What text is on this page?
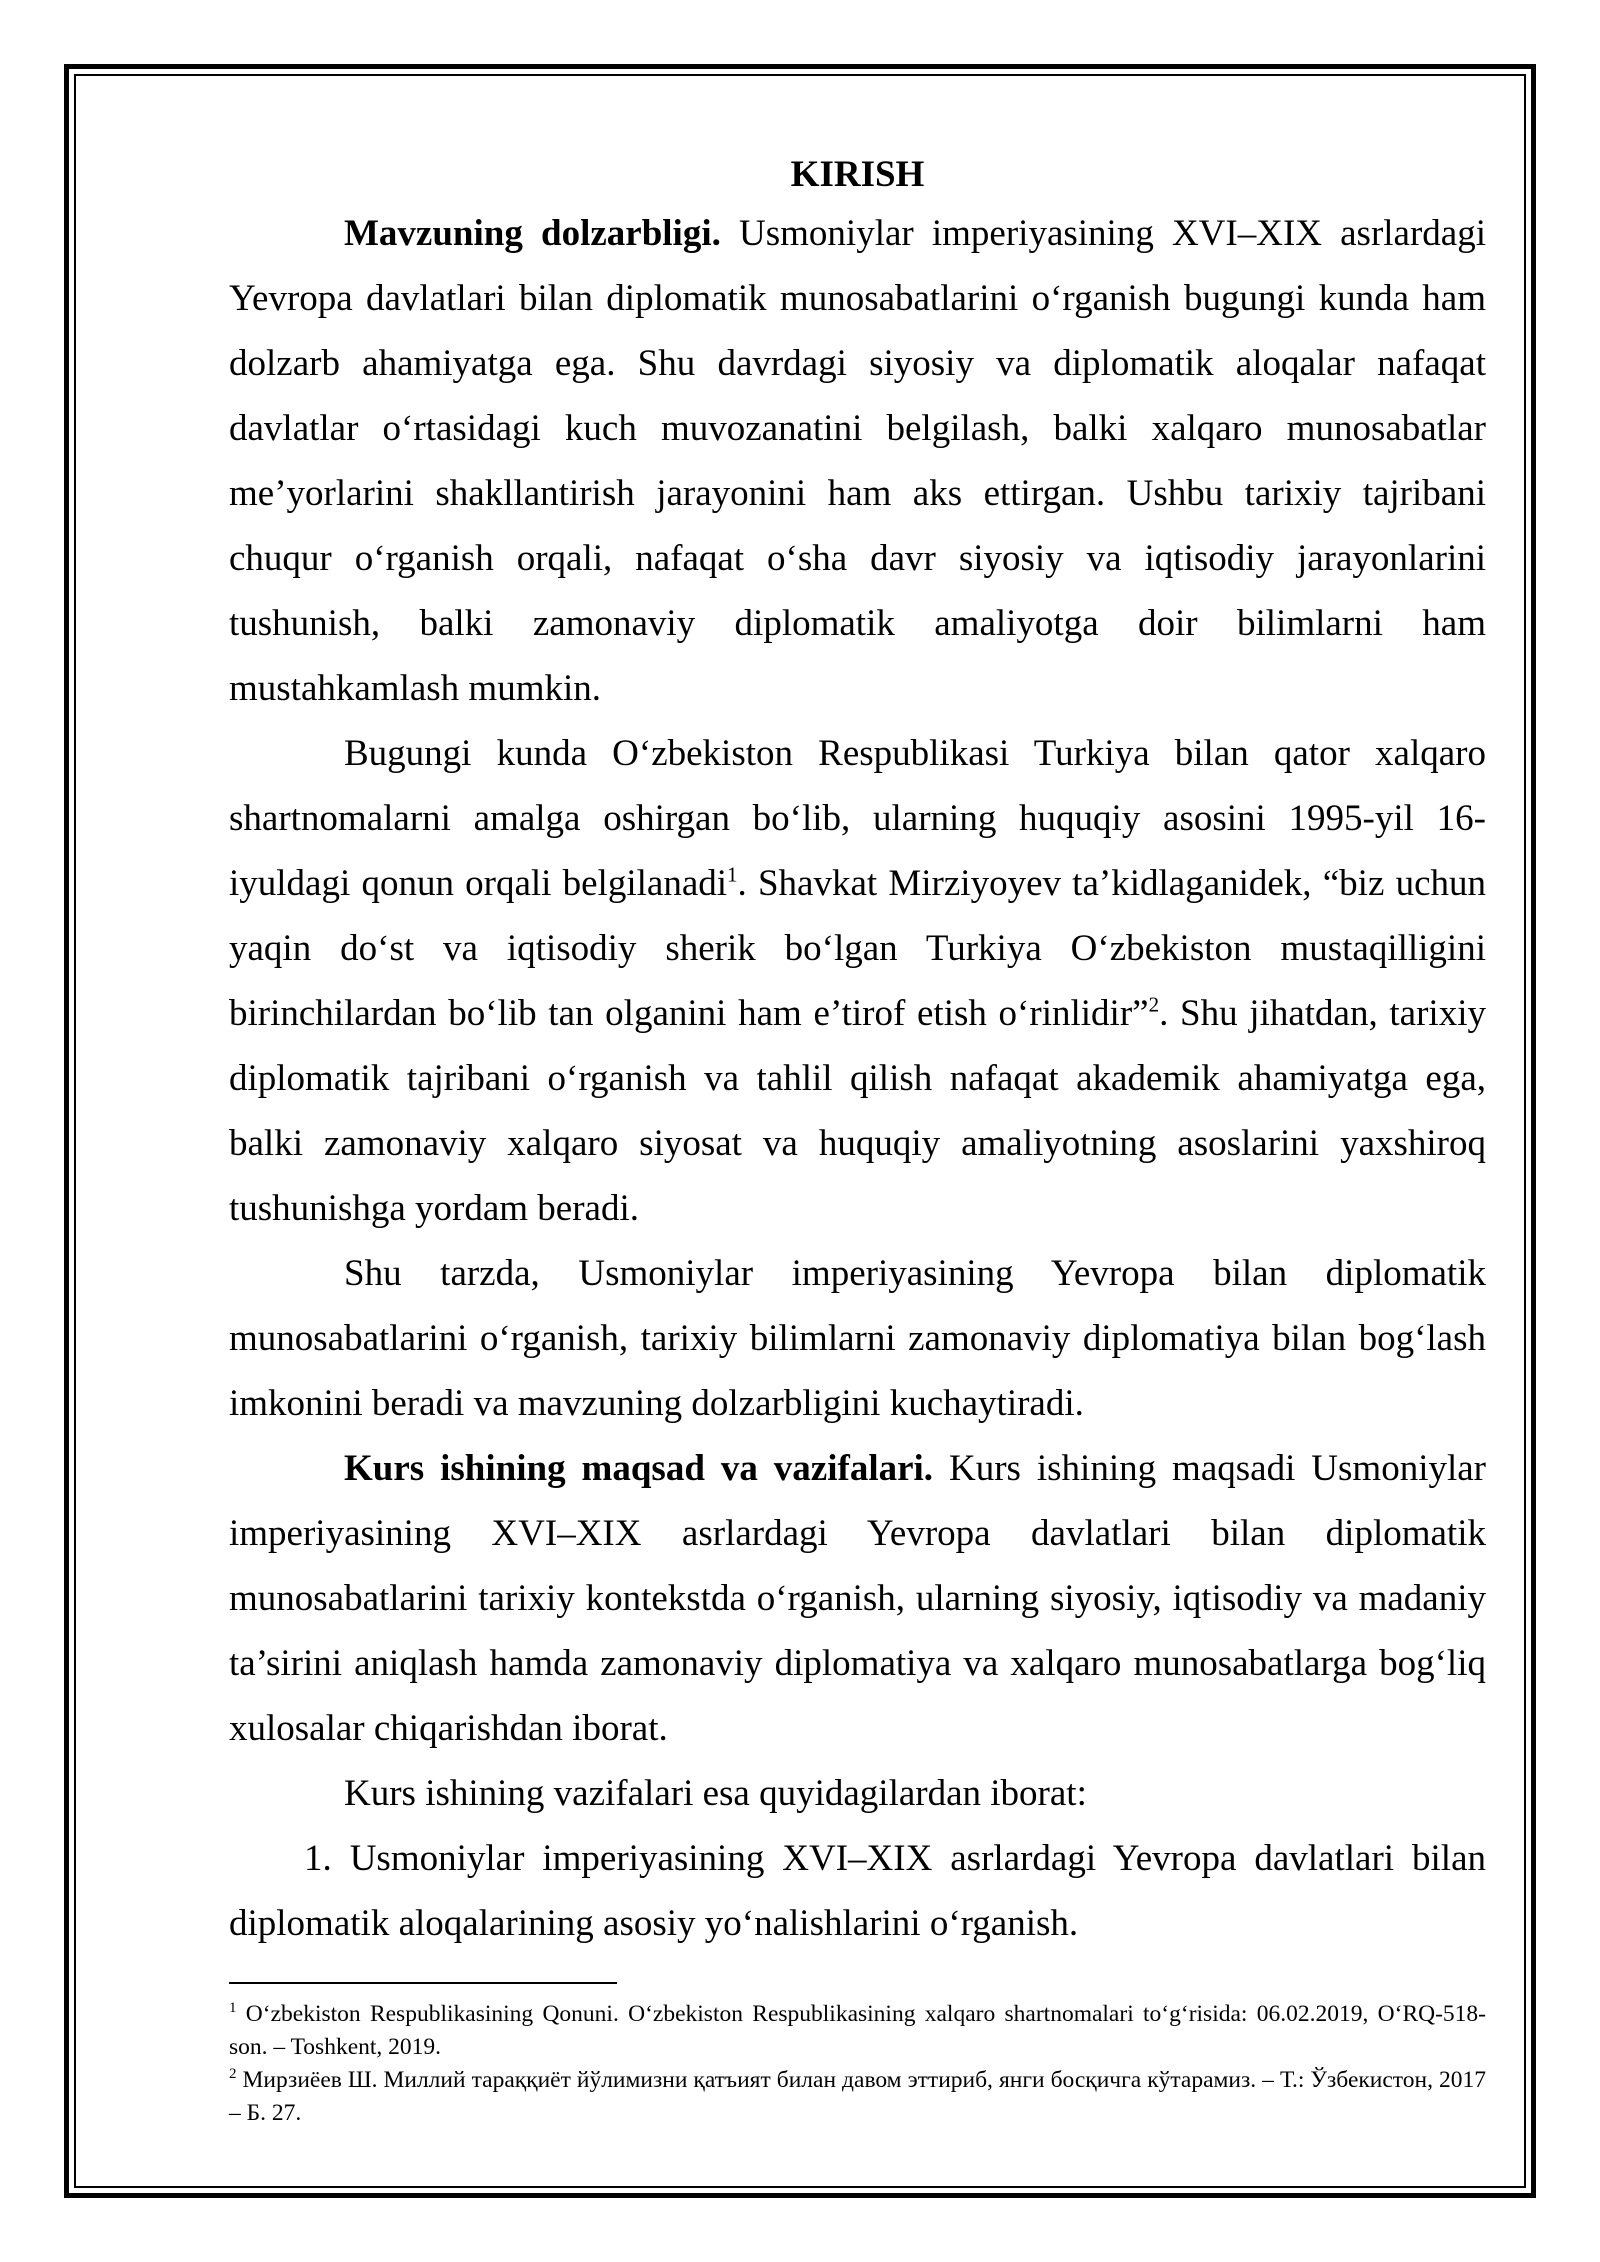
KIRISH

Mavzuning dolzarbligi. Usmoniylar imperiyasining XVI–XIX asrlardagi Yevropa davlatlari bilan diplomatik munosabatlarini o‘rganish bugungi kunda ham dolzarb ahamiyatga ega. Shu davrdagi siyosiy va diplomatik aloqalar nafaqat davlatlar o‘rtasidagi kuch muvozanatini belgilash, balki xalqaro munosabatlar me’yorlarini shakllantirish jarayonini ham aks ettirgan. Ushbu tarixiy tajribani chuqur o‘rganish orqali, nafaqat o‘sha davr siyosiy va iqtisodiy jarayonlarini tushunish, balki zamonaviy diplomatik amaliyotga doir bilimlarni ham mustahkamlash mumkin.

Bugungi kunda O‘zbekiston Respublikasi Turkiya bilan qator xalqaro shartnomalarni amalga oshirgan bo‘lib, ularning huquqiy asosini 1995-yil 16-iyuldagi qonun orqali belgilanadi$^1$. Shavkat Mirziyoyev ta’kidlaganidek, “biz uchun yaqin do‘st va iqtisodiy sherik bo‘lgan Turkiya O‘zbekiston mustaqilligini birinchilardan bo‘lib tan olganini ham e’tirof etish o‘rinlidir”$^2$. Shu jihatdan, tarixiy diplomatik tajribani o‘rganish va tahlil qilish nafaqat akademik ahamiyatga ega, balki zamonaviy xalqaro siyosat va huquqiy amaliyotning asoslarini yaxshiroq tushunishga yordam beradi.

Shu tarzda, Usmoniylar imperiyasining Yevropa bilan diplomatik munosabatlarini o‘rganish, tarixiy bilimlarni zamonaviy diplomatiya bilan bog‘lash imkonini beradi va mavzuning dolzarbligini kuchaytiradi.

Kurs ishining maqsad va vazifalari. Kurs ishining maqsadi Usmoniylar imperiyasining XVI–XIX asrlardagi Yevropa davlatlari bilan diplomatik munosabatlarini tarixiy kontekstda o‘rganish, ularning siyosiy, iqtisodiy va madaniy ta’sirini aniqlash hamda zamonaviy diplomatiya va xalqaro munosabatlarga bog‘liq xulosalar chiqarishdan iborat.

Kurs ishining vazifalari esa quyidagilardan iborat:

1. Usmoniylar imperiyasining XVI–XIX asrlardagi Yevropa davlatlari bilan diplomatik aloqalarining asosiy yo‘nalishlarini o‘rganish.

$^1$ O‘zbekiston Respublikasining Qonuni. O‘zbekiston Respublikasining xalqaro shartnomalari to‘g‘risida: 06.02.2019, O‘RQ-518-son. – Toshkent, 2019.

$^2$ Мирзиёев Ш. Миллий тараққиёт йўлимизни қатъият билан давом эттириб, янги босқичга кўтарамиз. – Т.: Ўзбекистон, 2017 – Б. 27.
